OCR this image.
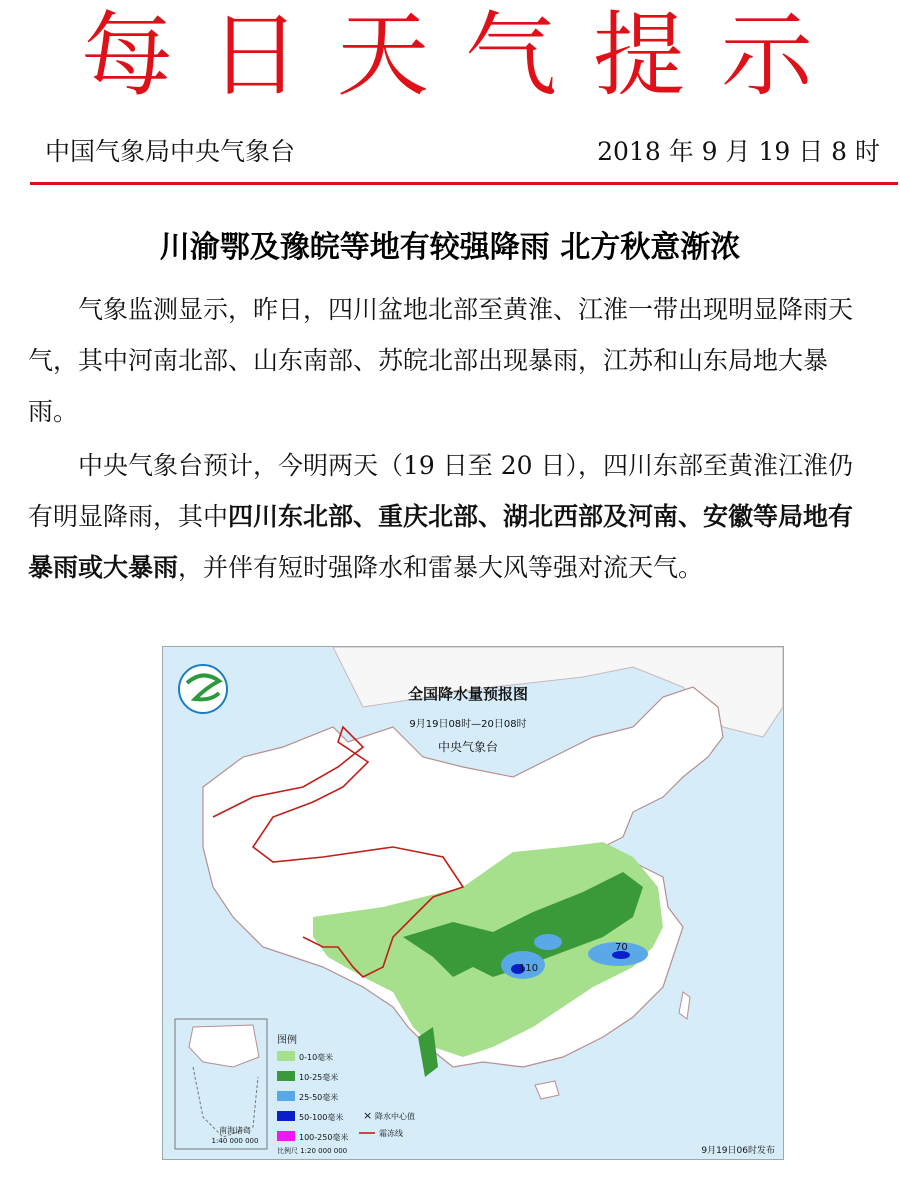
每日天气提示
中国气象局中央气象台	2018 年 9 月 19 日 8 时
川渝鄂及豫皖等地有较强降雨 北方秋意渐浓
气象监测显示，昨日，四川盆地北部至黄淮、江淮一带出现明显降雨天气，其中河南北部、山东南部、苏皖北部出现暴雨，江苏和山东局地大暴雨。
中央气象台预计，今明两天（19 日至 20 日），四川东部至黄淮江淮仍有明显降雨，其中四川东北部、重庆北部、湖北西部及河南、安徽等局地有暴雨或大暴雨，并伴有短时强降水和雷暴大风等强对流天气。
110
70
全国降水量预报图
9月19日08时—20日08时
中央气象台
南海诸岛
1:40 000 000
图例
0-10毫米
10-25毫米
25-50毫米
50-100毫米
100-250毫米
× 降水中心值
霜冻线
比例尺 1:20 000 000	9月19日06时发布
